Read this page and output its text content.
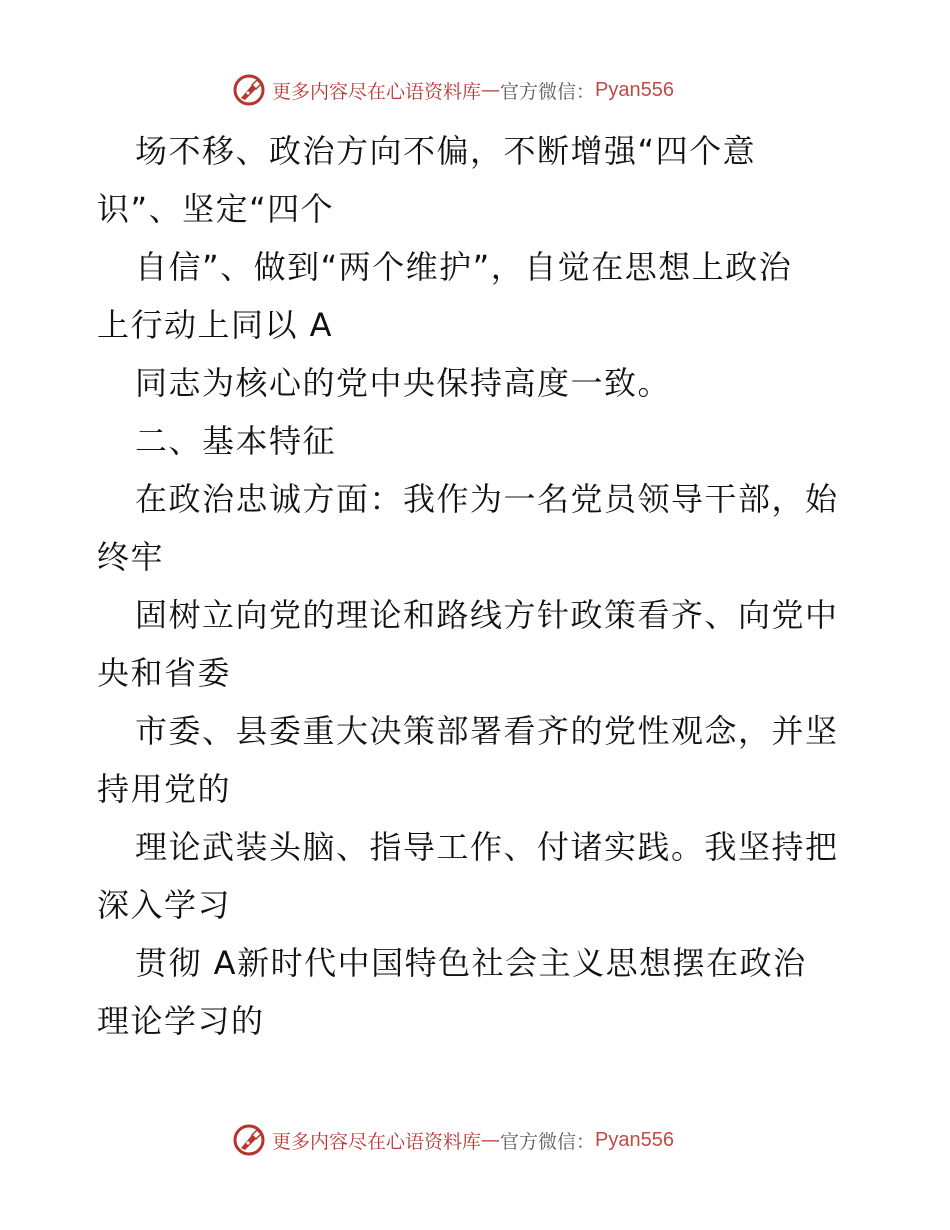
更多内容尽在心语资料库 — 官方微信： Pyan556
场不移、政治方向不偏，不断增强“四个意
识”、坚定“四个
自信”、做到“两个维护”，自觉在思想上政治
上行动上同以 A
同志为核心的党中央保持高度一致。
二、基本特征
在政治忠诚方面：我作为一名党员领导干部，始
终牢
固树立向党的理论和路线方针政策看齐、向党中
央和省委
市委、县委重大决策部署看齐的党性观念，并坚
持用党的
理论武装头脑、指导工作、付诸实践。我坚持把
深入学习
贯彻 A新时代中国特色社会主义思想摆在政治
理论学习的
更多内容尽在心语资料库 — 官方微信： Pyan556
